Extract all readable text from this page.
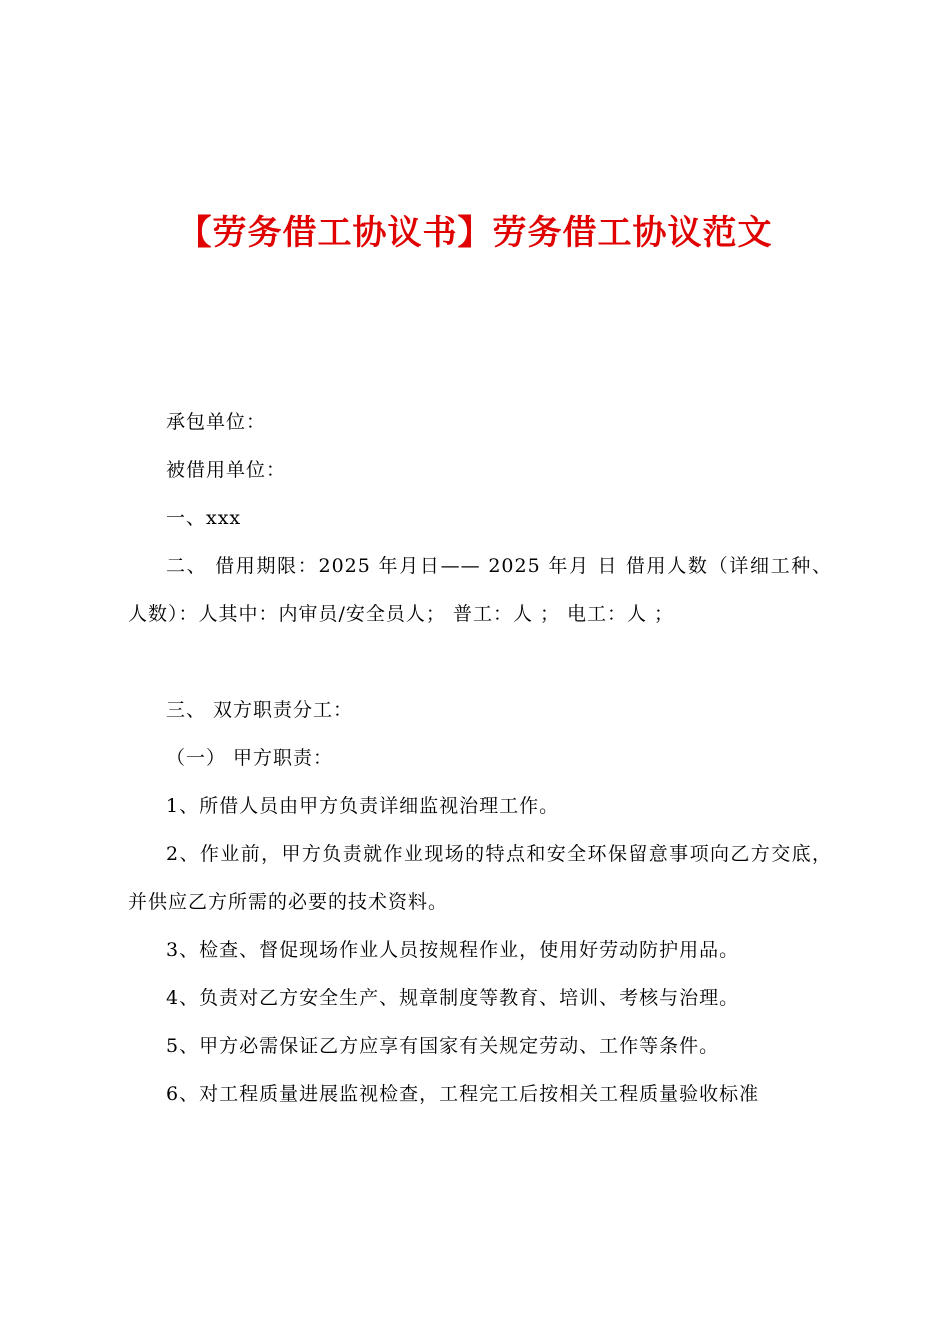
【劳务借工协议书】劳务借工协议范文

承包单位：

被借用单位：

一、xxx

二、 借用期限：2025 年月日—— 2025 年月 日 借用人数（详细工种、人数）：人其中：内审员/安全员人； 普工：人 ； 电工：人 ；

三、 双方职责分工：

（一） 甲方职责：

1、所借人员由甲方负责详细监视治理工作。

2、作业前，甲方负责就作业现场的特点和安全环保留意事项向乙方交底，并供应乙方所需的必要的技术资料。

3、检查、督促现场作业人员按规程作业，使用好劳动防护用品。

4、负责对乙方安全生产、规章制度等教育、培训、考核与治理。

5、甲方必需保证乙方应享有国家有关规定劳动、工作等条件。

6、对工程质量进展监视检查，工程完工后按相关工程质量验收标准
